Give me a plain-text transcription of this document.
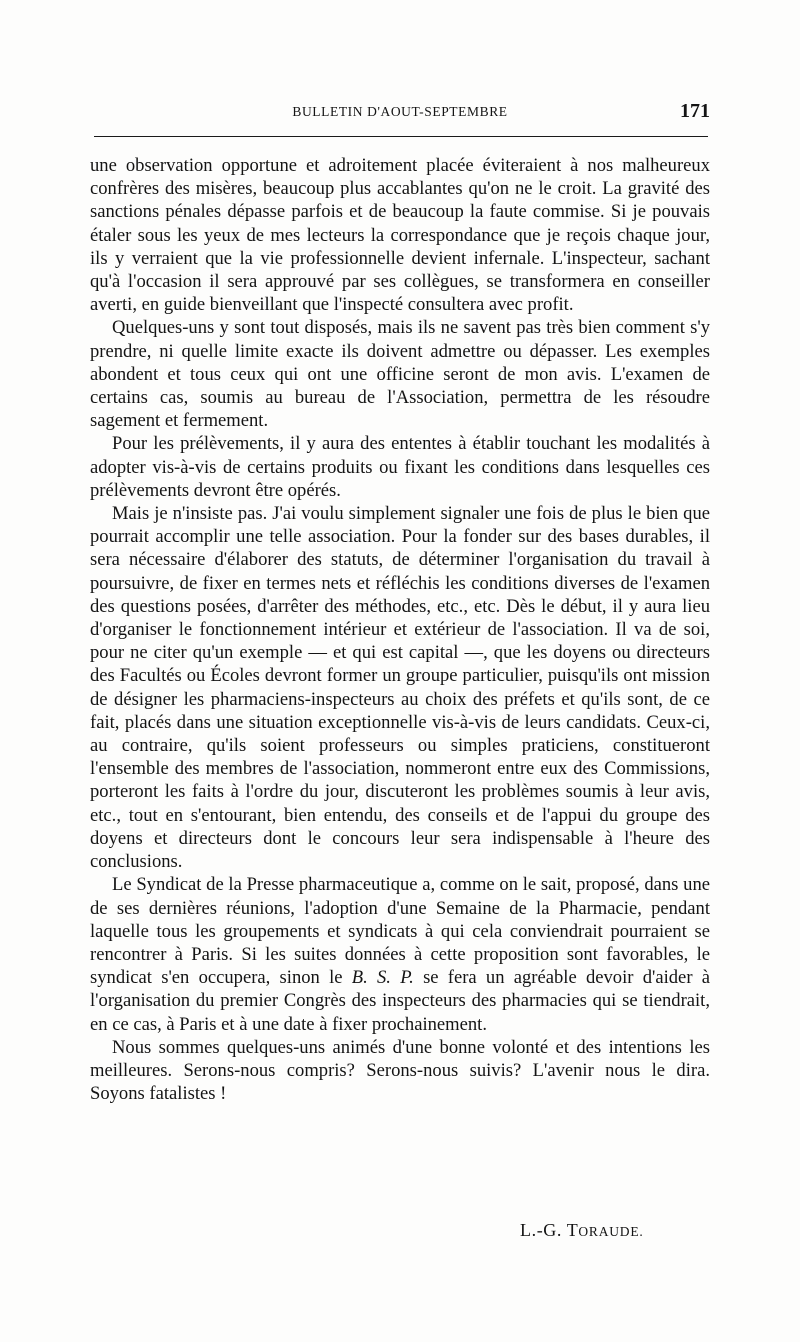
BULLETIN D'AOUT-SEPTEMBRE	171

une observation opportune et adroitement placée éviteraient à nos malheureux confrères des misères, beaucoup plus accablantes qu'on ne le croit. La gravité des sanctions pénales dépasse parfois et de beaucoup la faute commise. Si je pouvais étaler sous les yeux de mes lecteurs la correspondance que je reçois chaque jour, ils y verraient que la vie professionnelle devient infernale. L'inspecteur, sachant qu'à l'occasion il sera approuvé par ses collègues, se transformera en conseiller averti, en guide bienveillant que l'inspecté consultera avec profit.

Quelques-uns y sont tout disposés, mais ils ne savent pas très bien comment s'y prendre, ni quelle limite exacte ils doivent admettre ou dépasser. Les exemples abondent et tous ceux qui ont une officine seront de mon avis. L'examen de certains cas, soumis au bureau de l'Association, permettra de les résoudre sagement et fermement.

Pour les prélèvements, il y aura des ententes à établir touchant les modalités à adopter vis-à-vis de certains produits ou fixant les conditions dans lesquelles ces prélèvements devront être opérés.

Mais je n'insiste pas. J'ai voulu simplement signaler une fois de plus le bien que pourrait accomplir une telle association. Pour la fonder sur des bases durables, il sera nécessaire d'élaborer des statuts, de déterminer l'organisation du travail à poursuivre, de fixer en termes nets et réfléchis les conditions diverses de l'examen des questions posées, d'arrêter des méthodes, etc., etc. Dès le début, il y aura lieu d'organiser le fonctionnement intérieur et extérieur de l'association. Il va de soi, pour ne citer qu'un exemple — et qui est capital —, que les doyens ou directeurs des Facultés ou Écoles devront former un groupe particulier, puisqu'ils ont mission de désigner les pharmaciens-inspecteurs au choix des préfets et qu'ils sont, de ce fait, placés dans une situation exceptionnelle vis-à-vis de leurs candidats. Ceux-ci, au contraire, qu'ils soient professeurs ou simples praticiens, constitueront l'ensemble des membres de l'association, nommeront entre eux des Commissions, porteront les faits à l'ordre du jour, discuteront les problèmes soumis à leur avis, etc., tout en s'entourant, bien entendu, des conseils et de l'appui du groupe des doyens et directeurs dont le concours leur sera indispensable à l'heure des conclusions.

Le Syndicat de la Presse pharmaceutique a, comme on le sait, proposé, dans une de ses dernières réunions, l'adoption d'une Semaine de la Pharmacie, pendant laquelle tous les groupements et syndicats à qui cela conviendrait pourraient se rencontrer à Paris. Si les suites données à cette proposition sont favorables, le syndicat s'en occupera, sinon le B. S. P. se fera un agréable devoir d'aider à l'organisation du premier Congrès des inspecteurs des pharmacies qui se tiendrait, en ce cas, à Paris et à une date à fixer prochainement.

Nous sommes quelques-uns animés d'une bonne volonté et des intentions les meilleures. Serons-nous compris? Serons-nous suivis? L'avenir nous le dira. Soyons fatalistes !

L.-G. TORAUDE.
